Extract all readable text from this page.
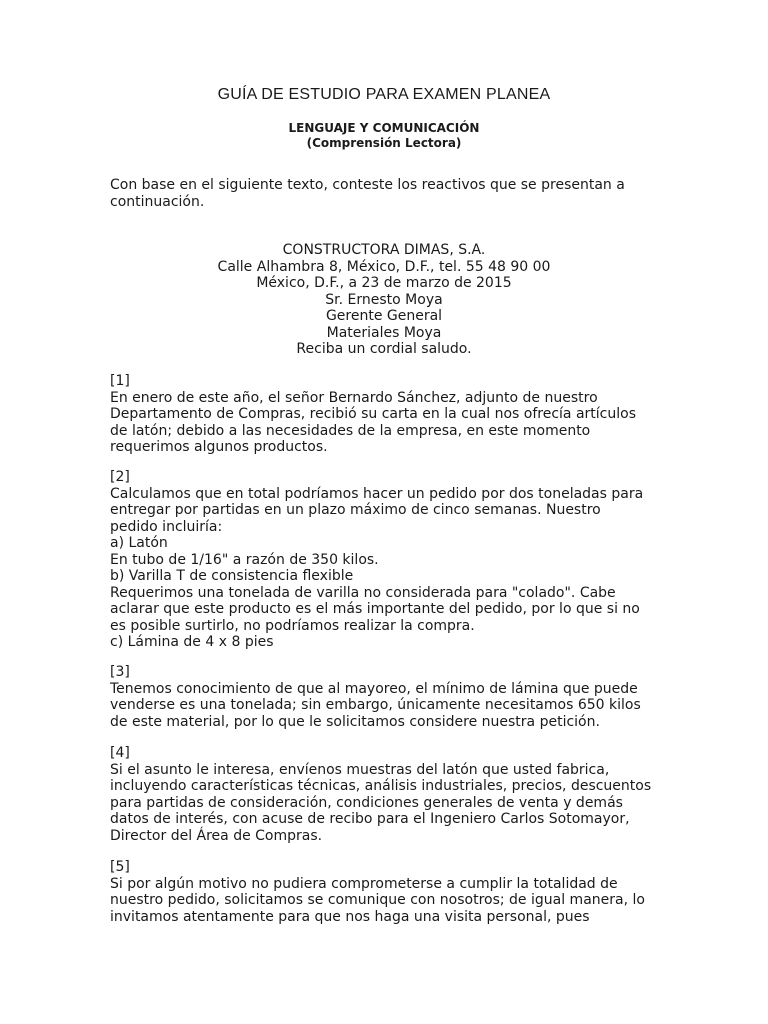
GUÍA DE ESTUDIO PARA EXAMEN PLANEA
LENGUAJE Y COMUNICACIÓN
(Comprensión Lectora)
Con base en el siguiente texto, conteste los reactivos que se presentan a
continuación.
CONSTRUCTORA DIMAS, S.A.
Calle Alhambra 8, México, D.F., tel. 55 48 90 00
México, D.F., a 23 de marzo de 2015
Sr. Ernesto Moya
Gerente General
Materiales Moya
Reciba un cordial saludo.
[1]
En enero de este año, el señor Bernardo Sánchez, adjunto de nuestro
Departamento de Compras, recibió su carta en la cual nos ofrecía artículos
de latón; debido a las necesidades de la empresa, en este momento
requerimos algunos productos.
[2]
Calculamos que en total podríamos hacer un pedido por dos toneladas para
entregar por partidas en un plazo máximo de cinco semanas. Nuestro
pedido incluiría:
a) Latón
En tubo de 1/16" a razón de 350 kilos.
b) Varilla T de consistencia flexible
Requerimos una tonelada de varilla no considerada para "colado". Cabe
aclarar que este producto es el más importante del pedido, por lo que si no
es posible surtirlo, no podríamos realizar la compra.
c) Lámina de 4 x 8 pies
[3]
Tenemos conocimiento de que al mayoreo, el mínimo de lámina que puede
venderse es una tonelada; sin embargo, únicamente necesitamos 650 kilos
de este material, por lo que le solicitamos considere nuestra petición.
[4]
Si el asunto le interesa, envíenos muestras del latón que usted fabrica,
incluyendo características técnicas, análisis industriales, precios, descuentos
para partidas de consideración, condiciones generales de venta y demás
datos de interés, con acuse de recibo para el Ingeniero Carlos Sotomayor,
Director del Área de Compras.
[5]
Si por algún motivo no pudiera comprometerse a cumplir la totalidad de
nuestro pedido, solicitamos se comunique con nosotros; de igual manera, lo
invitamos atentamente para que nos haga una visita personal, pues
